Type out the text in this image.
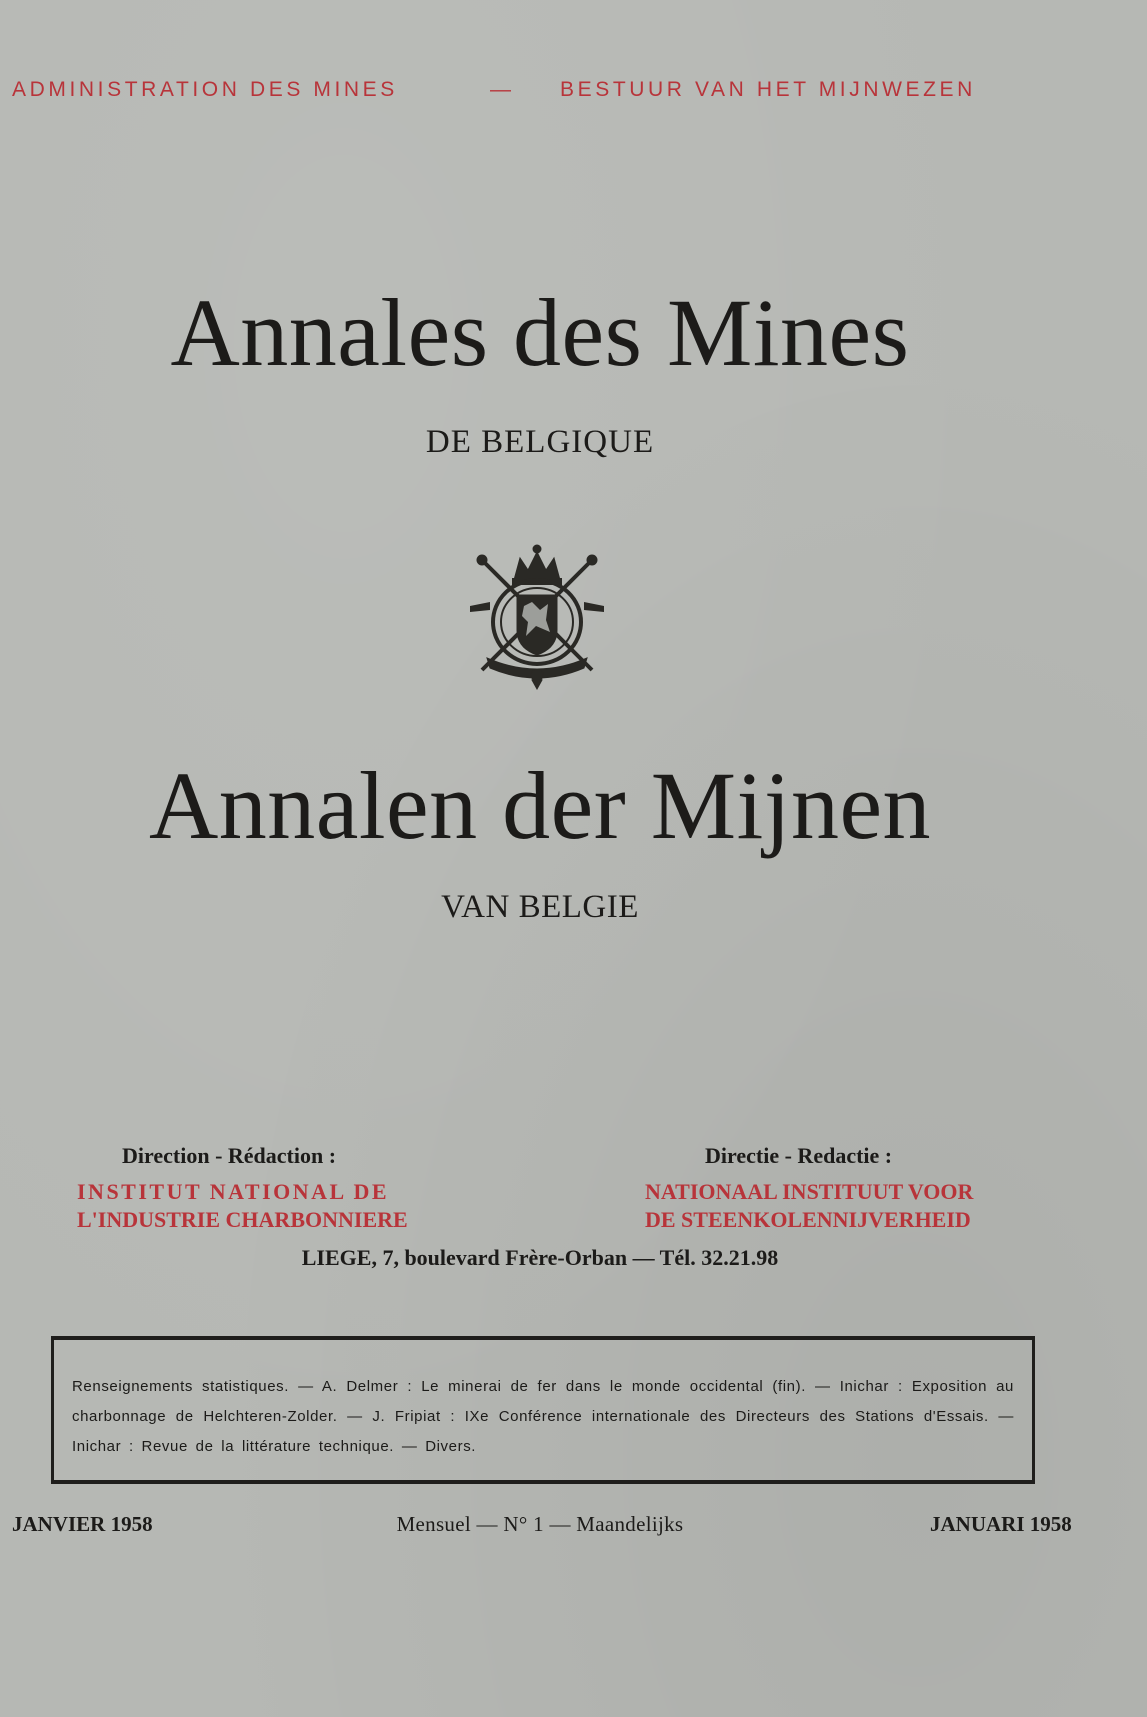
ADMINISTRATION DES MINES	— BESTUUR VAN HET MIJNWEZEN
Annales des Mines
DE BELGIQUE
Annalen der Mijnen
VAN BELGIE
Direction - Rédaction :	Directie - Redactie :
INSTITUT NATIONAL DE
L'INDUSTRIE CHARBONNIERE
NATIONAAL INSTITUUT VOOR
DE STEENKOLENNIJVERHEID
LIEGE, 7, boulevard Frère-Orban — Tél. 32.21.98
Renseignements statistiques. — A. Delmer : Le minerai de fer dans le monde occidental (fin). — Inichar : Exposition au charbonnage de Helchteren-Zolder. — J. Fripiat : IXe Conférence internationale des Directeurs des Stations d'Essais. — Inichar : Revue de la littérature technique. — Divers.
JANVIER 1958	Mensuel — N° 1 — Maandelijks	JANUARI 1958
